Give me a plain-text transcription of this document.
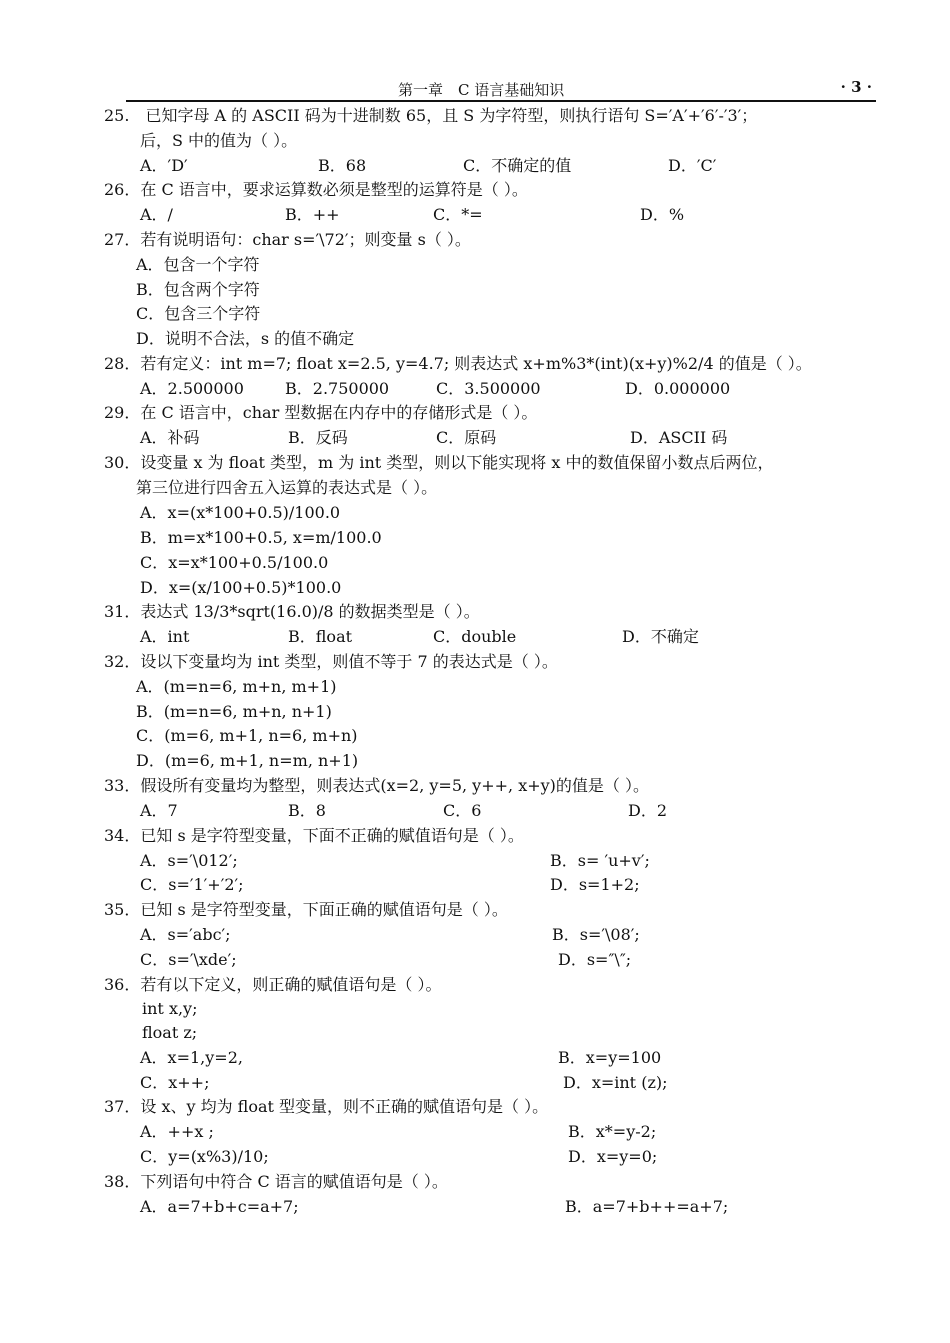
第一章　C 语言基础知识	· 3 ·
25.　已知字母 A 的 ASCII 码为十进制数 65，且 S 为字符型，则执行语句 S=′A′+′6′-′3′；
后，S 中的值为（ ）。
A．′D′	B．68	C．不确定的值	D．′C′
26．在 C 语言中，要求运算数必须是整型的运算符是（ ）。
A．/	B．++	C．*=	D．%
27．若有说明语句：char s=′\72′；则变量 s（ ）。
A．包含一个字符
B．包含两个字符
C．包含三个字符
D．说明不合法，s 的值不确定
28．若有定义：int m=7; float x=2.5, y=4.7; 则表达式 x+m%3*(int)(x+y)%2/4 的值是（ ）。
A．2.500000	B．2.750000	C．3.500000	D．0.000000
29．在 C 语言中，char 型数据在内存中的存储形式是（ ）。
A．补码	B．反码	C．原码	D．ASCII 码
30．设变量 x 为 float 类型，m 为 int 类型，则以下能实现将 x 中的数值保留小数点后两位，
第三位进行四舍五入运算的表达式是（ ）。
A．x=(x*100+0.5)/100.0
B．m=x*100+0.5, x=m/100.0
C．x=x*100+0.5/100.0
D．x=(x/100+0.5)*100.0
31．表达式 13/3*sqrt(16.0)/8 的数据类型是（ ）。
A．int	B．float	C．double	D．不确定
32．设以下变量均为 int 类型，则值不等于 7 的表达式是（ ）。
A．(m=n=6, m+n, m+1)
B．(m=n=6, m+n, n+1)
C．(m=6, m+1, n=6, m+n)
D．(m=6, m+1, n=m, n+1)
33．假设所有变量均为整型，则表达式(x=2, y=5, y++, x+y)的值是（ ）。
A．7	B．8	C．6	D．2
34．已知 s 是字符型变量，下面不正确的赋值语句是（ ）。
A．s=′\012′;	B．s= ′u+v′;
C．s=′1′+′2′;	D．s=1+2;
35．已知 s 是字符型变量，下面正确的赋值语句是（ ）。
A．s=′abc′;	B．s=′\08′;
C．s=′\xde′;	D．s=″\″;
36．若有以下定义，则正确的赋值语句是（ ）。
int x,y;
float z;
A．x=1,y=2,	B．x=y=100
C．x++;	D．x=int (z);
37．设 x、y 均为 float 型变量，则不正确的赋值语句是（ ）。
A．++x ;	B．x*=y-2;
C．y=(x%3)/10;	D．x=y=0;
38．下列语句中符合 C 语言的赋值语句是（ ）。
A．a=7+b+c=a+7;	B．a=7+b++=a+7;
